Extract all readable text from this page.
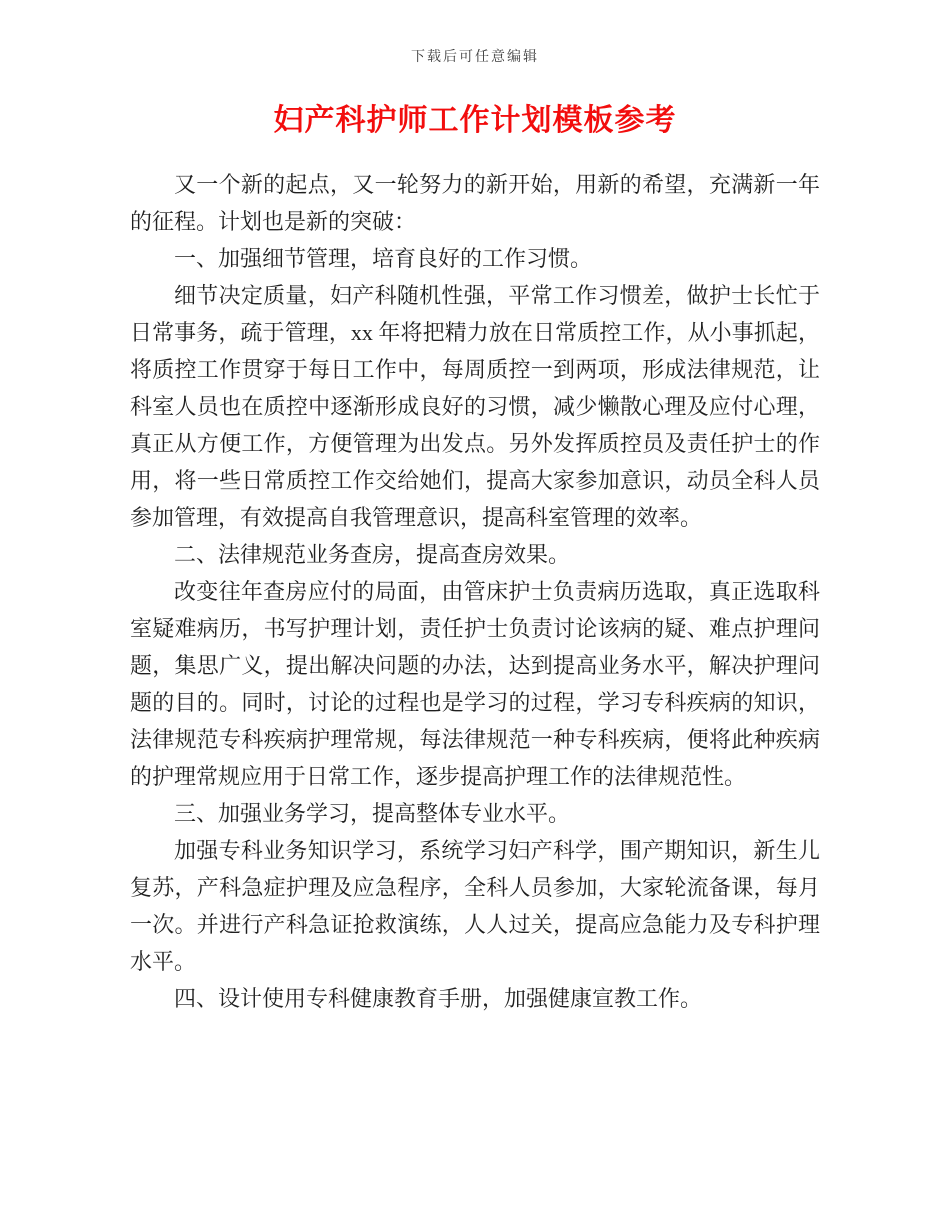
下载后可任意编辑
妇产科护师工作计划模板参考

又一个新的起点，又一轮努力的新开始，用新的希望，充满新一年的征程。计划也是新的突破：

一、加强细节管理，培育良好的工作习惯。

细节决定质量，妇产科随机性强，平常工作习惯差，做护士长忙于日常事务，疏于管理，xx 年将把精力放在日常质控工作，从小事抓起，将质控工作贯穿于每日工作中，每周质控一到两项，形成法律规范，让科室人员也在质控中逐渐形成良好的习惯，减少懒散心理及应付心理，真正从方便工作，方便管理为出发点。另外发挥质控员及责任护士的作用，将一些日常质控工作交给她们，提高大家参加意识，动员全科人员参加管理，有效提高自我管理意识，提高科室管理的效率。

二、法律规范业务查房，提高查房效果。

改变往年查房应付的局面，由管床护士负责病历选取，真正选取科室疑难病历，书写护理计划，责任护士负责讨论该病的疑、难点护理问题，集思广义，提出解决问题的办法，达到提高业务水平，解决护理问题的目的。同时，讨论的过程也是学习的过程，学习专科疾病的知识，法律规范专科疾病护理常规，每法律规范一种专科疾病，便将此种疾病的护理常规应用于日常工作，逐步提高护理工作的法律规范性。

三、加强业务学习，提高整体专业水平。

加强专科业务知识学习，系统学习妇产科学，围产期知识，新生儿复苏，产科急症护理及应急程序，全科人员参加，大家轮流备课，每月一次。并进行产科急证抢救演练，人人过关，提高应急能力及专科护理水平。

四、设计使用专科健康教育手册，加强健康宣教工作。
